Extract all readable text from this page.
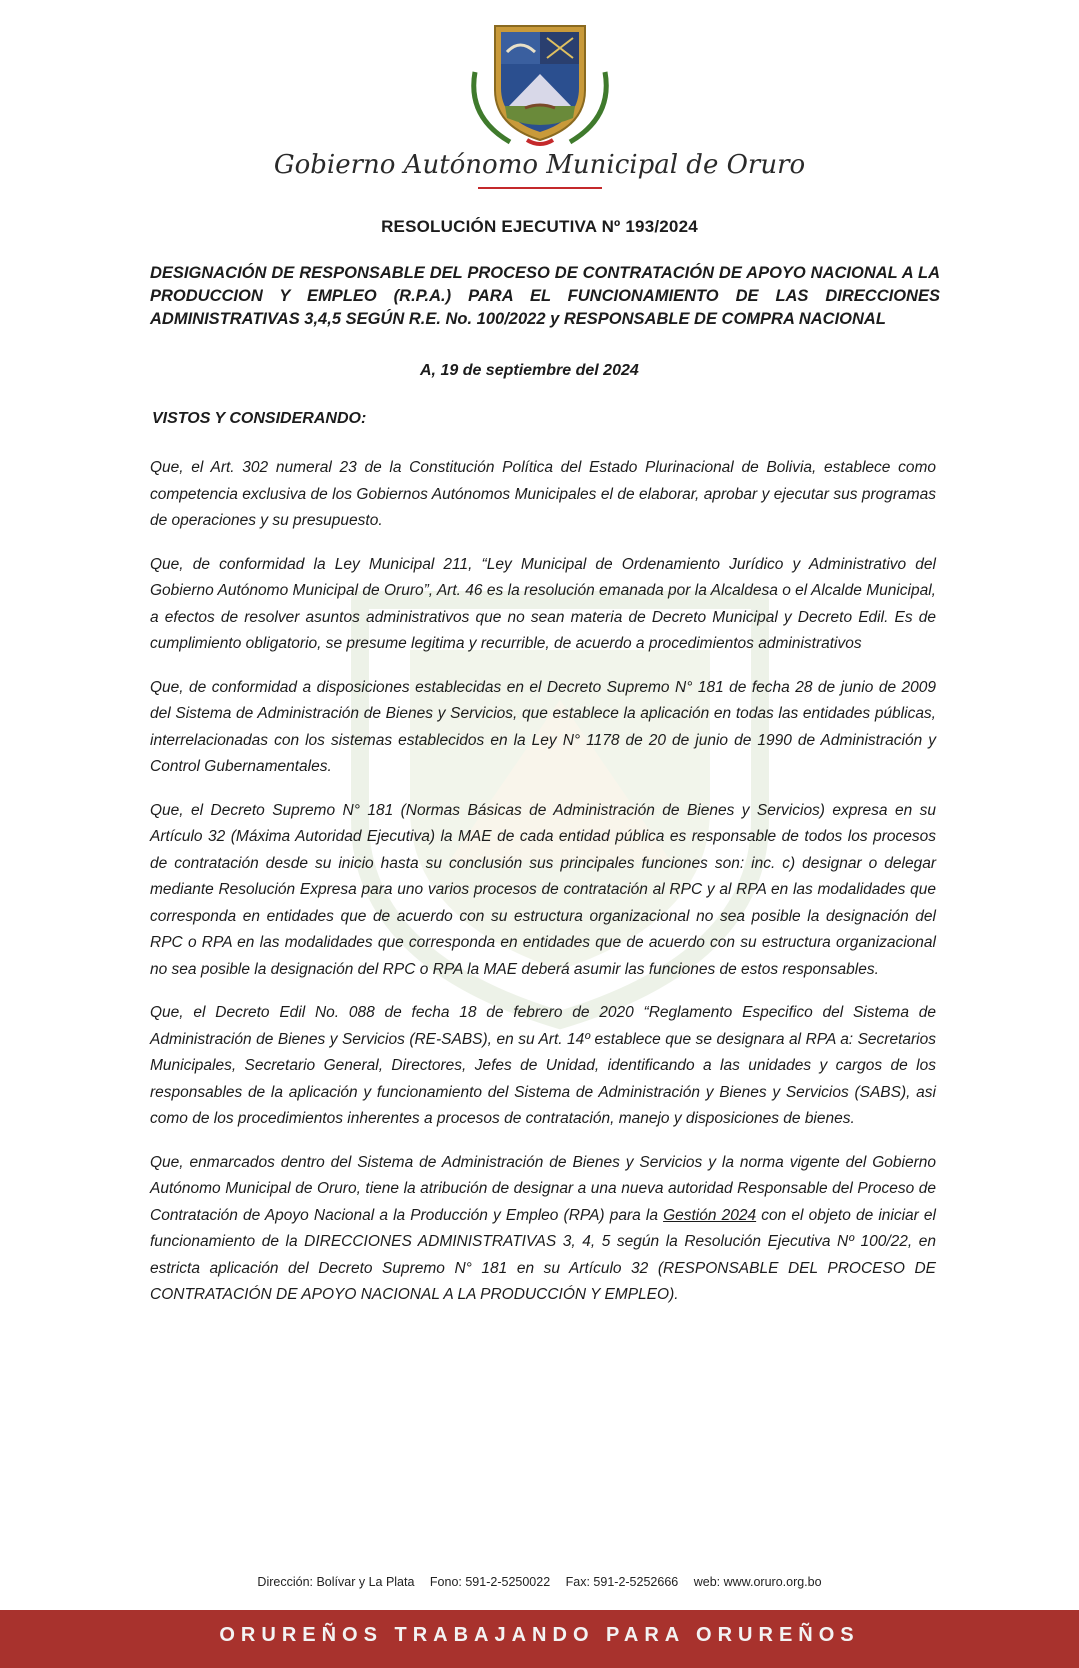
Gobierno Autónomo Municipal de Oruro
RESOLUCIÓN EJECUTIVA Nº 193/2024
DESIGNACIÓN DE RESPONSABLE DEL PROCESO DE CONTRATACIÓN DE APOYO NACIONAL A LA PRODUCCION Y EMPLEO (R.P.A.) PARA EL FUNCIONAMIENTO DE LAS DIRECCIONES ADMINISTRATIVAS 3,4,5 SEGÚN R.E. No. 100/2022 y RESPONSABLE DE COMPRA NACIONAL
A, 19 de septiembre del 2024
VISTOS Y CONSIDERANDO:

Que, el Art. 302 numeral 23 de la Constitución Política del Estado Plurinacional de Bolivia, establece como competencia exclusiva de los Gobiernos Autónomos Municipales el de elaborar, aprobar y ejecutar sus programas de operaciones y su presupuesto.

Que, de conformidad la Ley Municipal 211, “Ley Municipal de Ordenamiento Jurídico y Administrativo del Gobierno Autónomo Municipal de Oruro”, Art. 46 es la resolución emanada por la Alcaldesa o el Alcalde Municipal, a efectos de resolver asuntos administrativos que no sean materia de Decreto Municipal y Decreto Edil. Es de cumplimiento obligatorio, se presume legitima y recurrible, de acuerdo a procedimientos administrativos

Que, de conformidad a disposiciones establecidas en el Decreto Supremo N° 181 de fecha 28 de junio de 2009 del Sistema de Administración de Bienes y Servicios, que establece la aplicación en todas las entidades públicas, interrelacionadas con los sistemas establecidos en la Ley N° 1178 de 20 de junio de 1990 de Administración y Control Gubernamentales.

Que, el Decreto Supremo N° 181 (Normas Básicas de Administración de Bienes y Servicios) expresa en su Artículo 32 (Máxima Autoridad Ejecutiva) la MAE de cada entidad pública es responsable de todos los procesos de contratación desde su inicio hasta su conclusión sus principales funciones son: inc. c) designar o delegar mediante Resolución Expresa para uno varios procesos de contratación al RPC y al RPA en las modalidades que corresponda en entidades que de acuerdo con su estructura organizacional no sea posible la designación del RPC o RPA en las modalidades que corresponda en entidades que de acuerdo con su estructura organizacional no sea posible la designación del RPC o RPA la MAE deberá asumir las funciones de estos responsables.

Que, el Decreto Edil No. 088 de fecha 18 de febrero de 2020 “Reglamento Especifico del Sistema de Administración de Bienes y Servicios (RE-SABS), en su Art. 14º establece que se designara al RPA a: Secretarios Municipales, Secretario General, Directores, Jefes de Unidad, identificando a las unidades y cargos de los responsables de la aplicación y funcionamiento del Sistema de Administración y Bienes y Servicios (SABS), asi como de los procedimientos inherentes a procesos de contratación, manejo y disposiciones de bienes.

Que, enmarcados dentro del Sistema de Administración de Bienes y Servicios y la norma vigente del Gobierno Autónomo Municipal de Oruro, tiene la atribución de designar a una nueva autoridad Responsable del Proceso de Contratación de Apoyo Nacional a la Producción y Empleo (RPA) para la Gestión 2024 con el objeto de iniciar el funcionamiento de la DIRECCIONES ADMINISTRATIVAS 3, 4, 5 según la Resolución Ejecutiva Nº 100/22, en estricta aplicación del Decreto Supremo N° 181 en su Artículo 32 (RESPONSABLE DEL PROCESO DE CONTRATACIÓN DE APOYO NACIONAL A LA PRODUCCIÓN Y EMPLEO).

Dirección: Bolívar y La Plata Fono: 591-2-5250022 Fax: 591-2-5252666 web: www.oruro.org.bo
ORUREÑOS TRABAJANDO PARA ORUREÑOS
